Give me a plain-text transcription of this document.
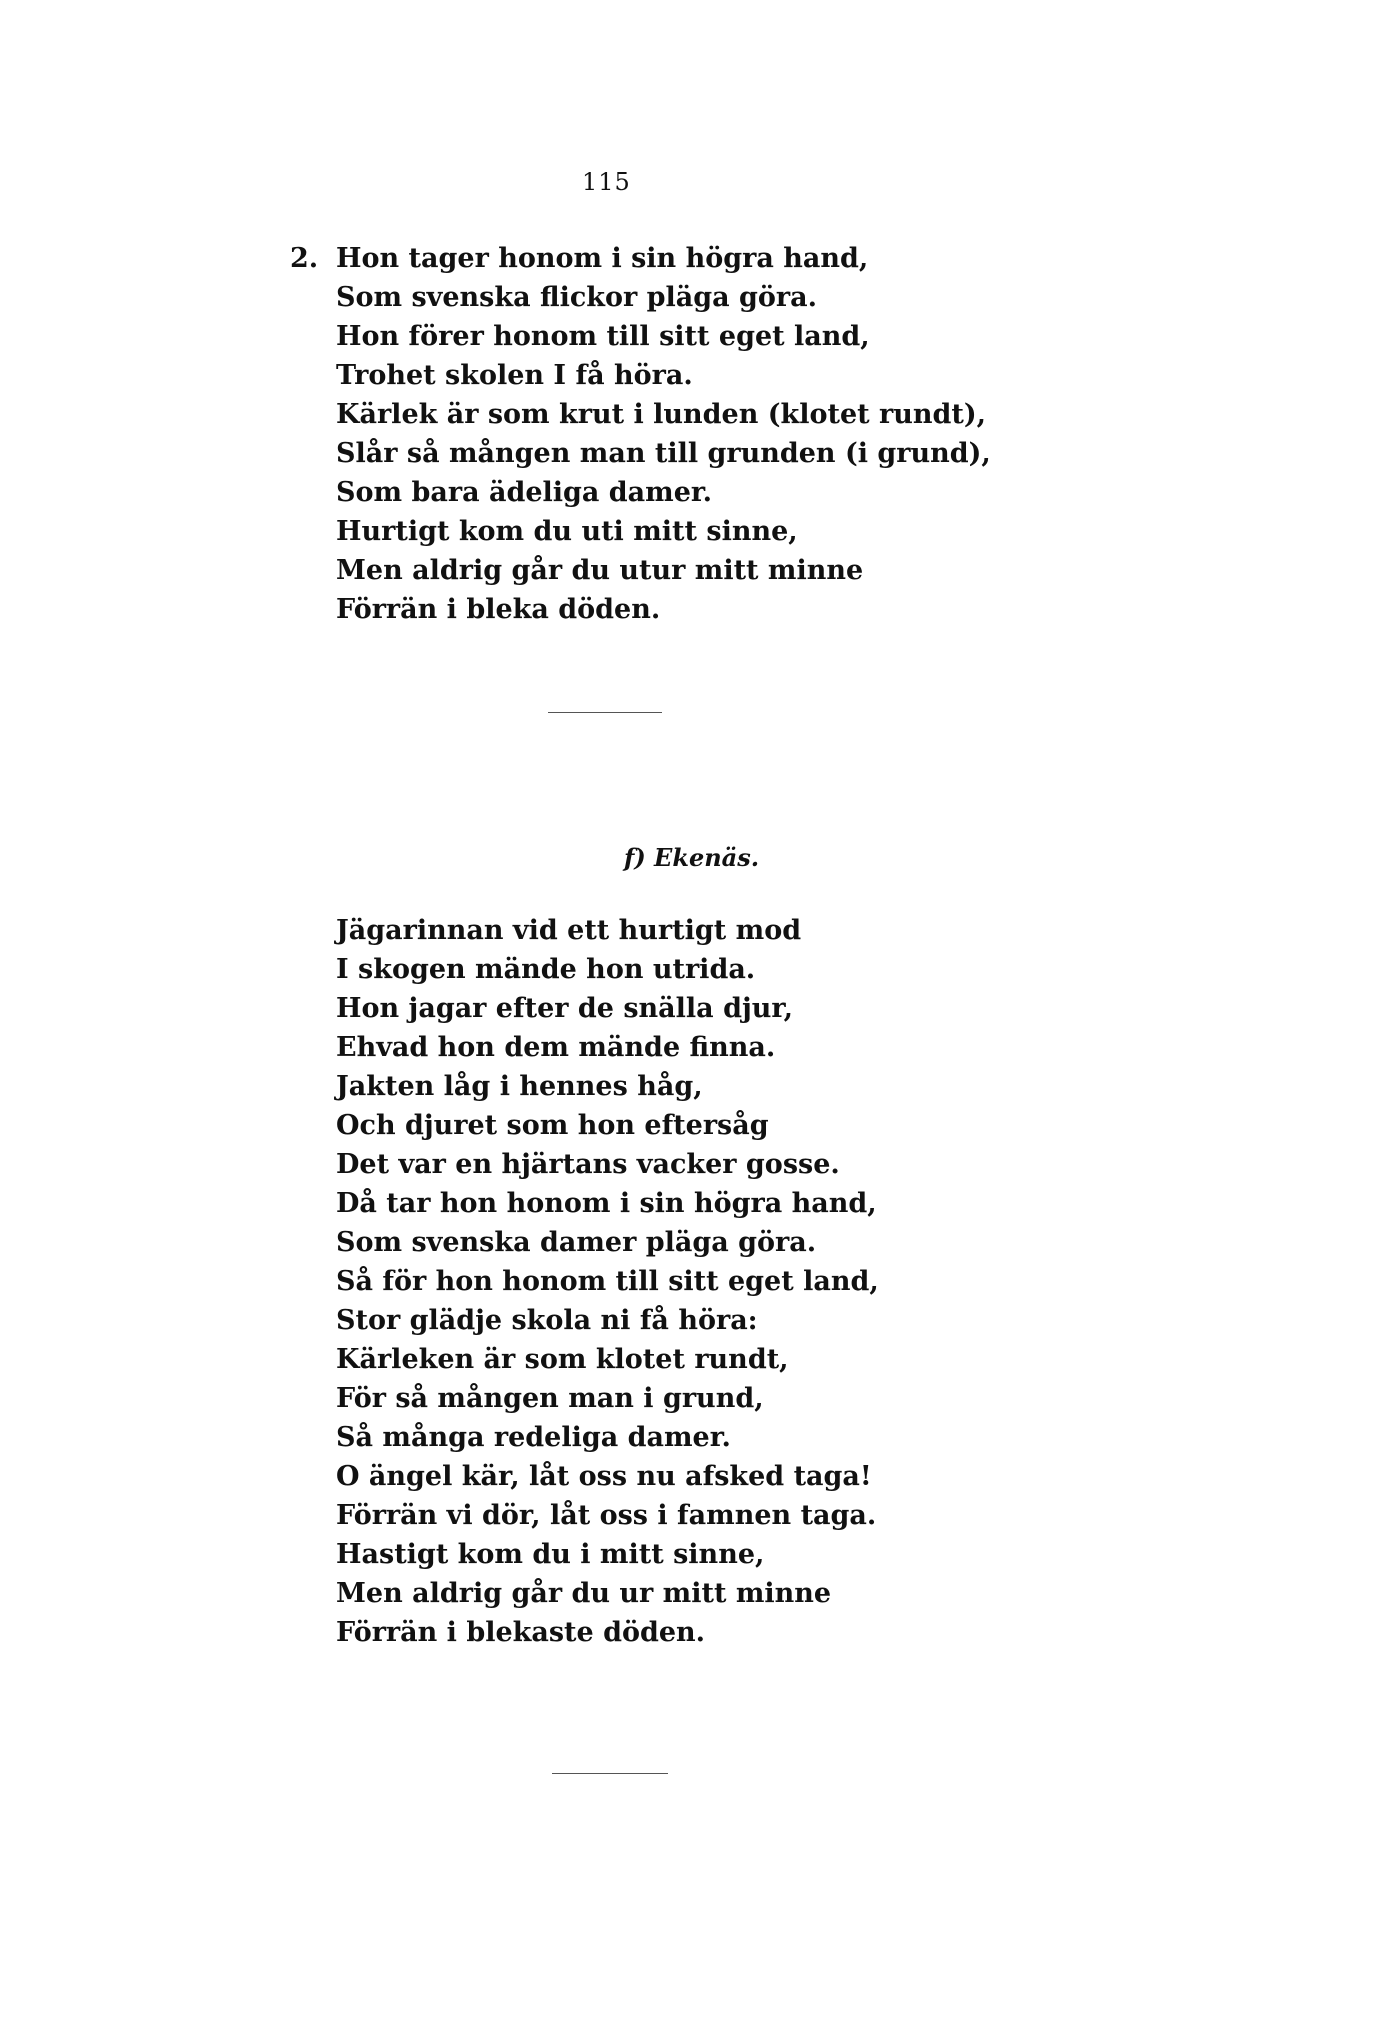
115
2. Hon tager honom i sin högra hand,
Som svenska flickor pläga göra.
Hon förer honom till sitt eget land,
Trohet skolen I få höra.
Kärlek är som krut i lunden (klotet rundt),
Slår så mången man till grunden (i grund),
Som bara ädeliga damer.
Hurtigt kom du uti mitt sinne,
Men aldrig går du utur mitt minne
Förrän i bleka döden.
f) Ekenäs.
Jägarinnan vid ett hurtigt mod
I skogen mände hon utrida.
Hon jagar efter de snälla djur,
Ehvad hon dem mände finna.
Jakten låg i hennes håg,
Och djuret som hon eftersåg
Det var en hjärtans vacker gosse.
Då tar hon honom i sin högra hand,
Som svenska damer pläga göra.
Så för hon honom till sitt eget land,
Stor glädje skola ni få höra:
Kärleken är som klotet rundt,
För så mången man i grund,
Så många redeliga damer.
O ängel kär, låt oss nu afsked taga!
Förrän vi dör, låt oss i famnen taga.
Hastigt kom du i mitt sinne,
Men aldrig går du ur mitt minne
Förrän i blekaste döden.
